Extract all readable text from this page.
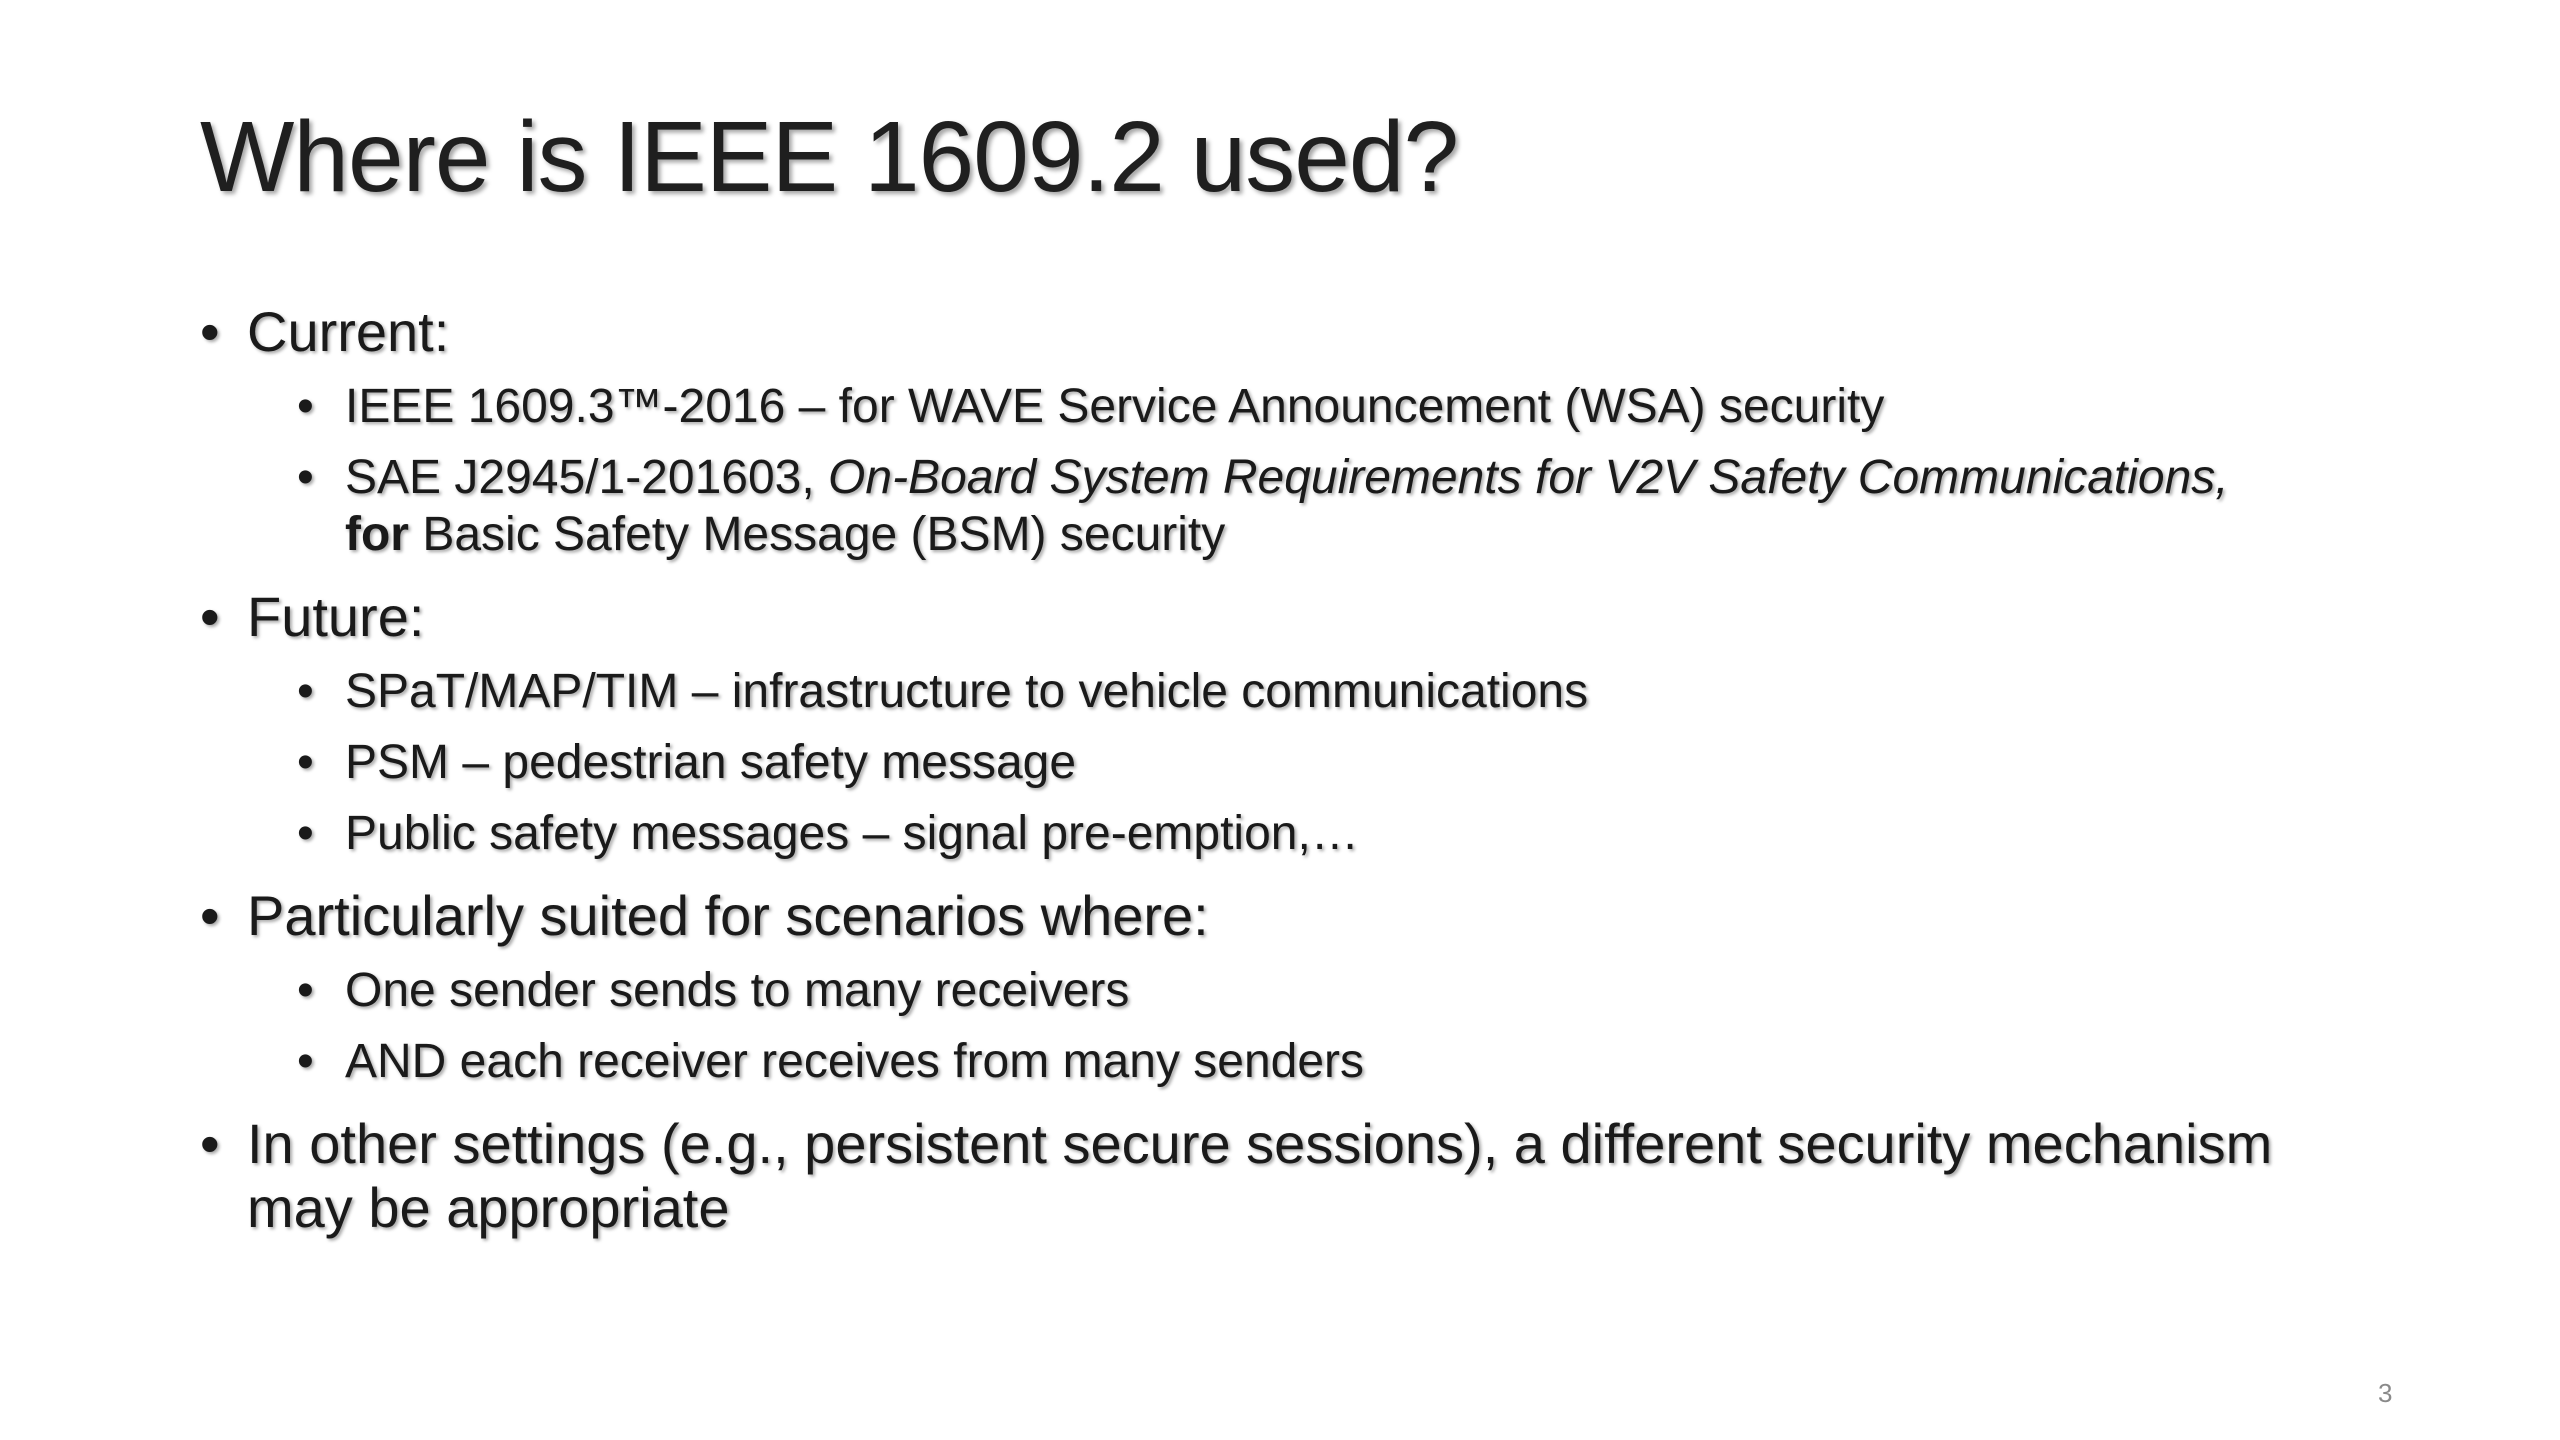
Where is IEEE 1609.2 used?
• Current:
• IEEE 1609.3™-2016 – for WAVE Service Announcement (WSA) security
• SAE J2945/1-201603, On-Board System Requirements for V2V Safety Communications, for Basic Safety Message (BSM) security
• Future:
• SPaT/MAP/TIM – infrastructure to vehicle communications
• PSM – pedestrian safety message
• Public safety messages – signal pre-emption,…
• Particularly suited for scenarios where:
• One sender sends to many receivers
• AND each receiver receives from many senders
• In other settings (e.g., persistent secure sessions), a different security mechanism may be appropriate
3
